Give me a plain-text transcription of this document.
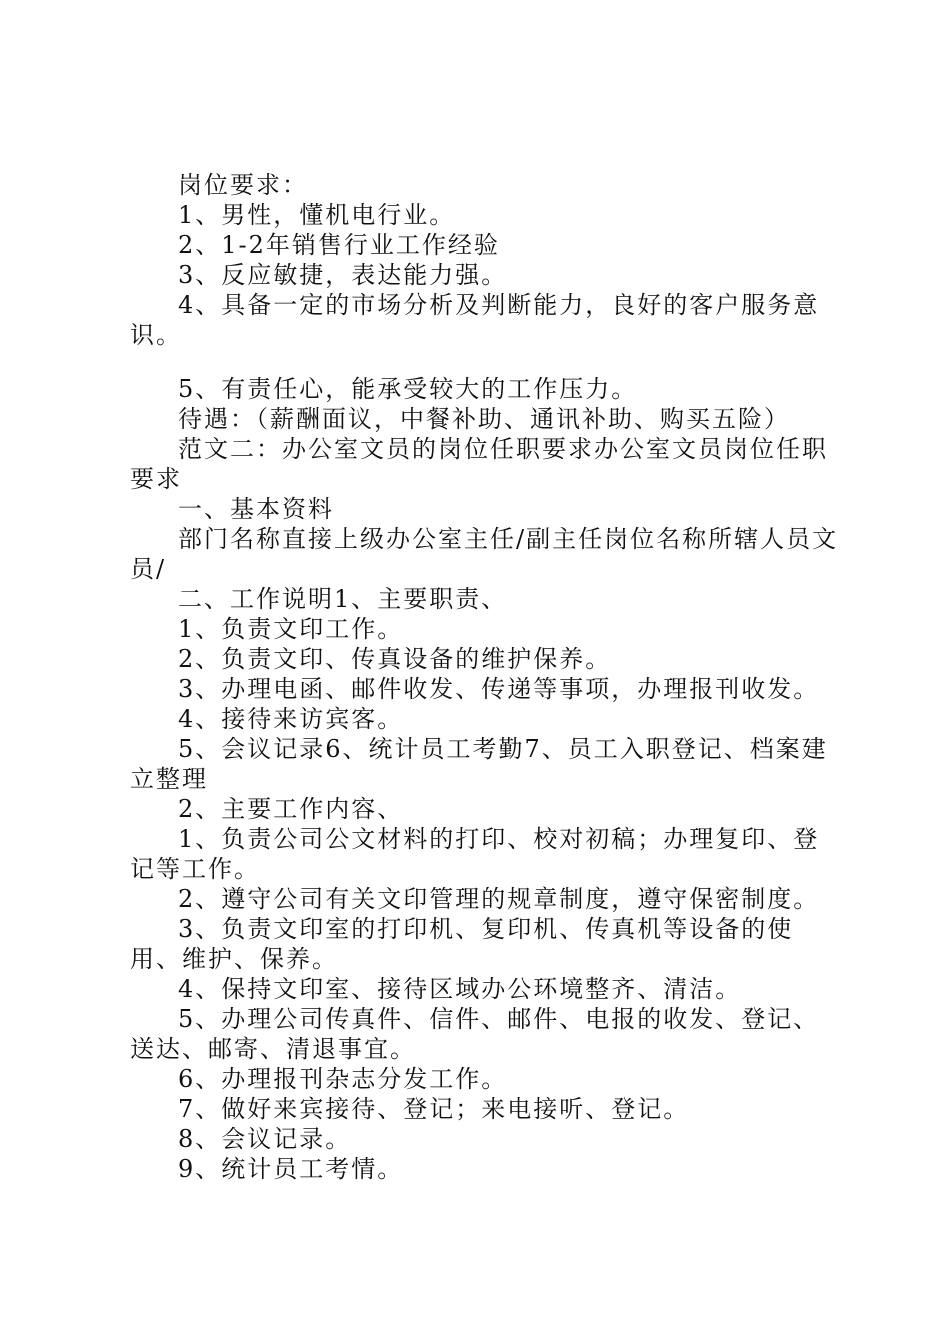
岗位要求：

1、男性，懂机电行业。

2、1-2年销售行业工作经验

3、反应敏捷，表达能力强。

4、具备一定的市场分析及判断能力，良好的客户服务意识。

5、有责任心，能承受较大的工作压力。

待遇：（薪酬面议，中餐补助、通讯补助、购买五险）

范文二：办公室文员的岗位任职要求办公室文员岗位任职要求

一、基本资料

部门名称直接上级办公室主任/副主任岗位名称所辖人员文员/

二、工作说明1、主要职责、

1、负责文印工作。

2、负责文印、传真设备的维护保养。

3、办理电函、邮件收发、传递等事项，办理报刊收发。

4、接待来访宾客。

5、会议记录6、统计员工考勤7、员工入职登记、档案建立整理

2、主要工作内容、

1、负责公司公文材料的打印、校对初稿；办理复印、登记等工作。

2、遵守公司有关文印管理的规章制度，遵守保密制度。

3、负责文印室的打印机、复印机、传真机等设备的使用、维护、保养。

4、保持文印室、接待区域办公环境整齐、清洁。

5、办理公司传真件、信件、邮件、电报的收发、登记、送达、邮寄、清退事宜。

6、办理报刊杂志分发工作。

7、做好来宾接待、登记；来电接听、登记。

8、会议记录。

9、统计员工考情。
